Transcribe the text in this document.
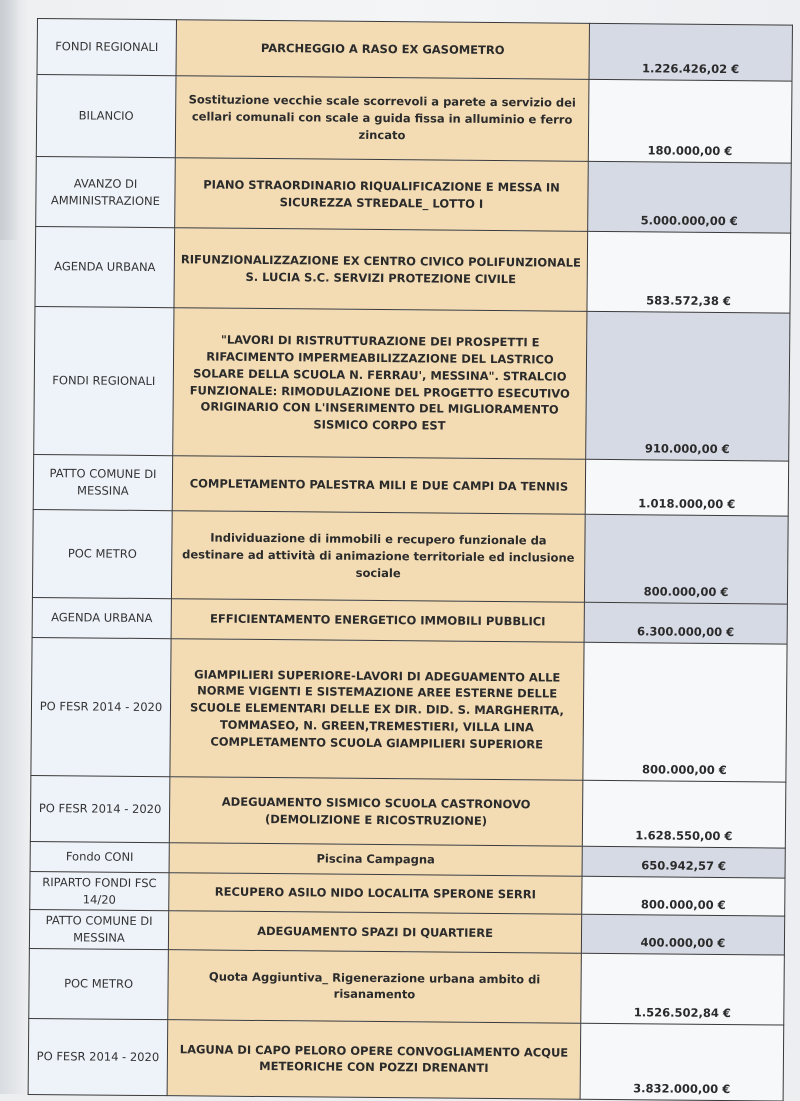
FONDI REGIONALI	PARCHEGGIO A RASO EX GASOMETRO	1.226.426,02 €
BILANCIO	Sostituzione vecchie scale scorrevoli a parete a servizio dei cellari comunali con scale a guida fissa in alluminio e ferro zincato	180.000,00 €
AVANZO DI AMMINISTRAZIONE	PIANO STRAORDINARIO RIQUALIFICAZIONE E MESSA IN SICUREZZA STREDALE_ LOTTO I	5.000.000,00 €
AGENDA URBANA	RIFUNZIONALIZZAZIONE EX CENTRO CIVICO POLIFUNZIONALE S. LUCIA S.C. SERVIZI PROTEZIONE CIVILE	583.572,38 €
FONDI REGIONALI	"LAVORI DI RISTRUTTURAZIONE DEI PROSPETTI E RIFACIMENTO IMPERMEABILIZZAZIONE DEL LASTRICO SOLARE DELLA SCUOLA N. FERRAU', MESSINA". STRALCIO FUNZIONALE: RIMODULAZIONE DEL PROGETTO ESECUTIVO ORIGINARIO CON L'INSERIMENTO DEL MIGLIORAMENTO SISMICO CORPO EST	910.000,00 €
PATTO COMUNE DI MESSINA	COMPLETAMENTO PALESTRA MILI E DUE CAMPI DA TENNIS	1.018.000,00 €
POC METRO	Individuazione di immobili e recupero funzionale da destinare ad attività di animazione territoriale ed inclusione sociale	800.000,00 €
AGENDA URBANA	EFFICIENTAMENTO ENERGETICO IMMOBILI PUBBLICI	6.300.000,00 €
PO FESR 2014 - 2020	GIAMPILIERI SUPERIORE-LAVORI DI ADEGUAMENTO ALLE NORME VIGENTI E SISTEMAZIONE AREE ESTERNE DELLE SCUOLE ELEMENTARI DELLE EX DIR. DID. S. MARGHERITA, TOMMASEO, N. GREEN,TREMESTIERI, VILLA LINA COMPLETAMENTO SCUOLA GIAMPILIERI SUPERIORE	800.000,00 €
PO FESR 2014 - 2020	ADEGUAMENTO SISMICO SCUOLA CASTRONOVO (DEMOLIZIONE E RICOSTRUZIONE)	1.628.550,00 €
Fondo CONI	Piscina Campagna	650.942,57 €
RIPARTO FONDI FSC 14/20	RECUPERO ASILO NIDO LOCALITA SPERONE SERRI	800.000,00 €
PATTO COMUNE DI MESSINA	ADEGUAMENTO SPAZI DI QUARTIERE	400.000,00 €
POC METRO	Quota Aggiuntiva_ Rigenerazione urbana ambito di risanamento	1.526.502,84 €
PO FESR 2014 - 2020	LAGUNA DI CAPO PELORO OPERE CONVOGLIAMENTO ACQUE METEORICHE CON POZZI DRENANTI	3.832.000,00 €
